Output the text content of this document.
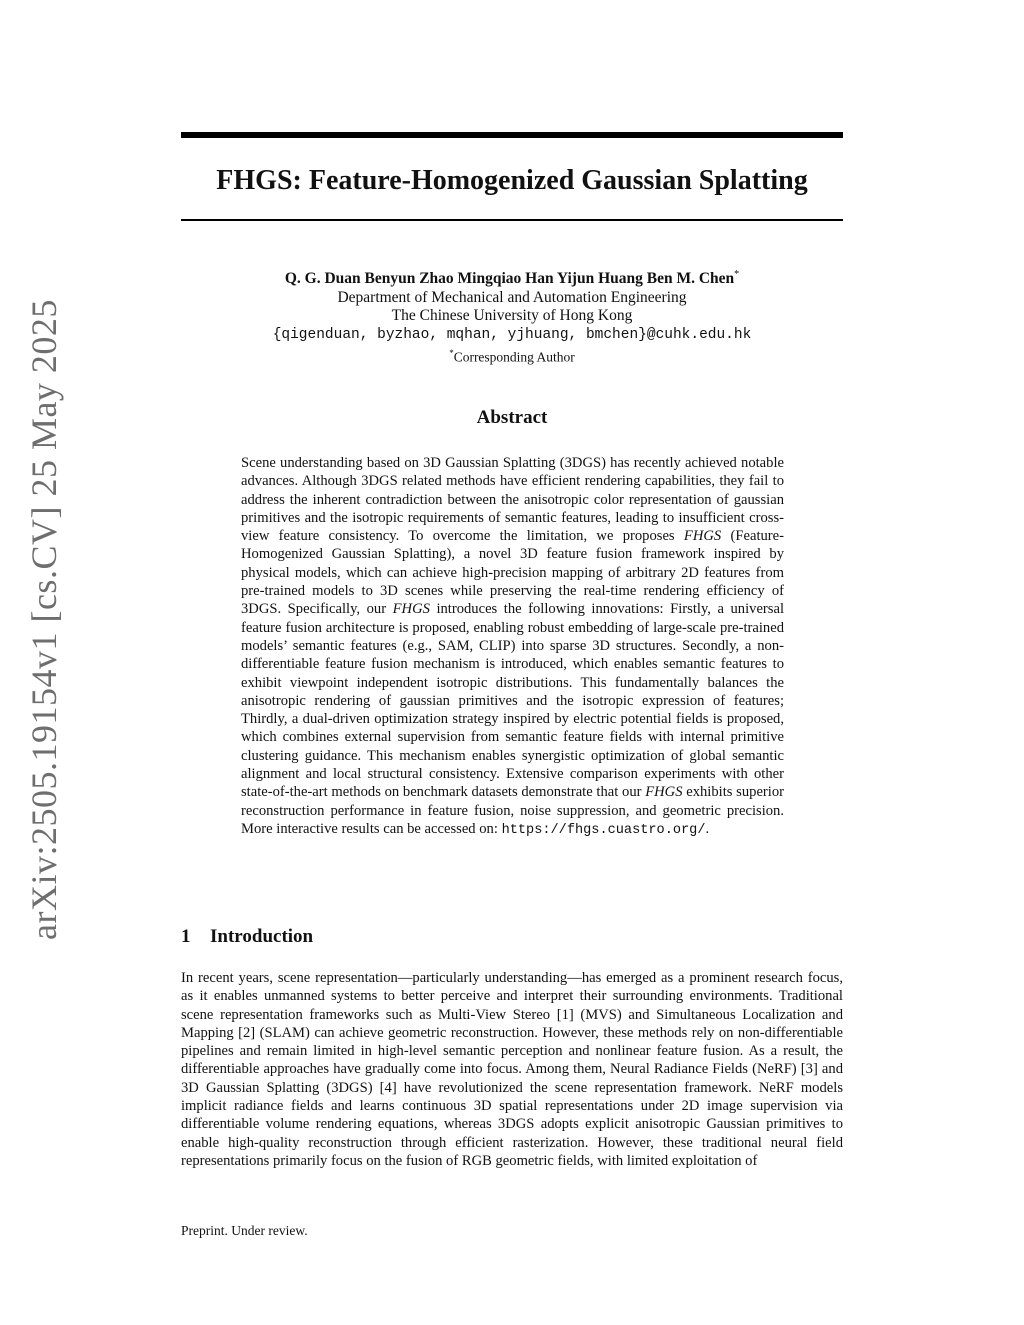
arXiv:2505.19154v1 [cs.CV] 25 May 2025
FHGS: Feature-Homogenized Gaussian Splatting
Q. G. Duan Benyun Zhao Mingqiao Han Yijun Huang Ben M. Chen*
Department of Mechanical and Automation Engineering
The Chinese University of Hong Kong
{qigenduan, byzhao, mqhan, yjhuang, bmchen}@cuhk.edu.hk
*Corresponding Author
Abstract

Scene understanding based on 3D Gaussian Splatting (3DGS) has recently achieved notable advances. Although 3DGS related methods have efficient rendering capabilities, they fail to address the inherent contradiction between the anisotropic color representation of gaussian primitives and the isotropic requirements of semantic features, leading to insufficient cross-view feature consistency. To overcome the limitation, we proposes FHGS (Feature-Homogenized Gaussian Splatting), a novel 3D feature fusion framework inspired by physical models, which can achieve high-precision mapping of arbitrary 2D features from pre-trained models to 3D scenes while preserving the real-time rendering efficiency of 3DGS. Specifically, our FHGS introduces the following innovations: Firstly, a universal feature fusion architecture is proposed, enabling robust embedding of large-scale pre-trained models’ semantic features (e.g., SAM, CLIP) into sparse 3D structures. Secondly, a non-differentiable feature fusion mechanism is introduced, which enables semantic features to exhibit viewpoint independent isotropic distributions. This fundamentally balances the anisotropic rendering of gaussian primitives and the isotropic expression of features; Thirdly, a dual-driven optimization strategy inspired by electric potential fields is proposed, which combines external supervision from semantic feature fields with internal primitive clustering guidance. This mechanism enables synergistic optimization of global semantic alignment and local structural consistency. Extensive comparison experiments with other state-of-the-art methods on benchmark datasets demonstrate that our FHGS exhibits superior reconstruction performance in feature fusion, noise suppression, and geometric precision. More interactive results can be accessed on: https://fhgs.cuastro.org/.

1 Introduction

In recent years, scene representation—particularly understanding—has emerged as a prominent research focus, as it enables unmanned systems to better perceive and interpret their surrounding environments. Traditional scene representation frameworks such as Multi-View Stereo [1] (MVS) and Simultaneous Localization and Mapping [2] (SLAM) can achieve geometric reconstruction. However, these methods rely on non-differentiable pipelines and remain limited in high-level semantic perception and nonlinear feature fusion. As a result, the differentiable approaches have gradually come into focus. Among them, Neural Radiance Fields (NeRF) [3] and 3D Gaussian Splatting (3DGS) [4] have revolutionized the scene representation framework. NeRF models implicit radiance fields and learns continuous 3D spatial representations under 2D image supervision via differentiable volume rendering equations, whereas 3DGS adopts explicit anisotropic Gaussian primitives to enable high-quality reconstruction through efficient rasterization. However, these traditional neural field representations primarily focus on the fusion of RGB geometric fields, with limited exploitation of

Preprint. Under review.
